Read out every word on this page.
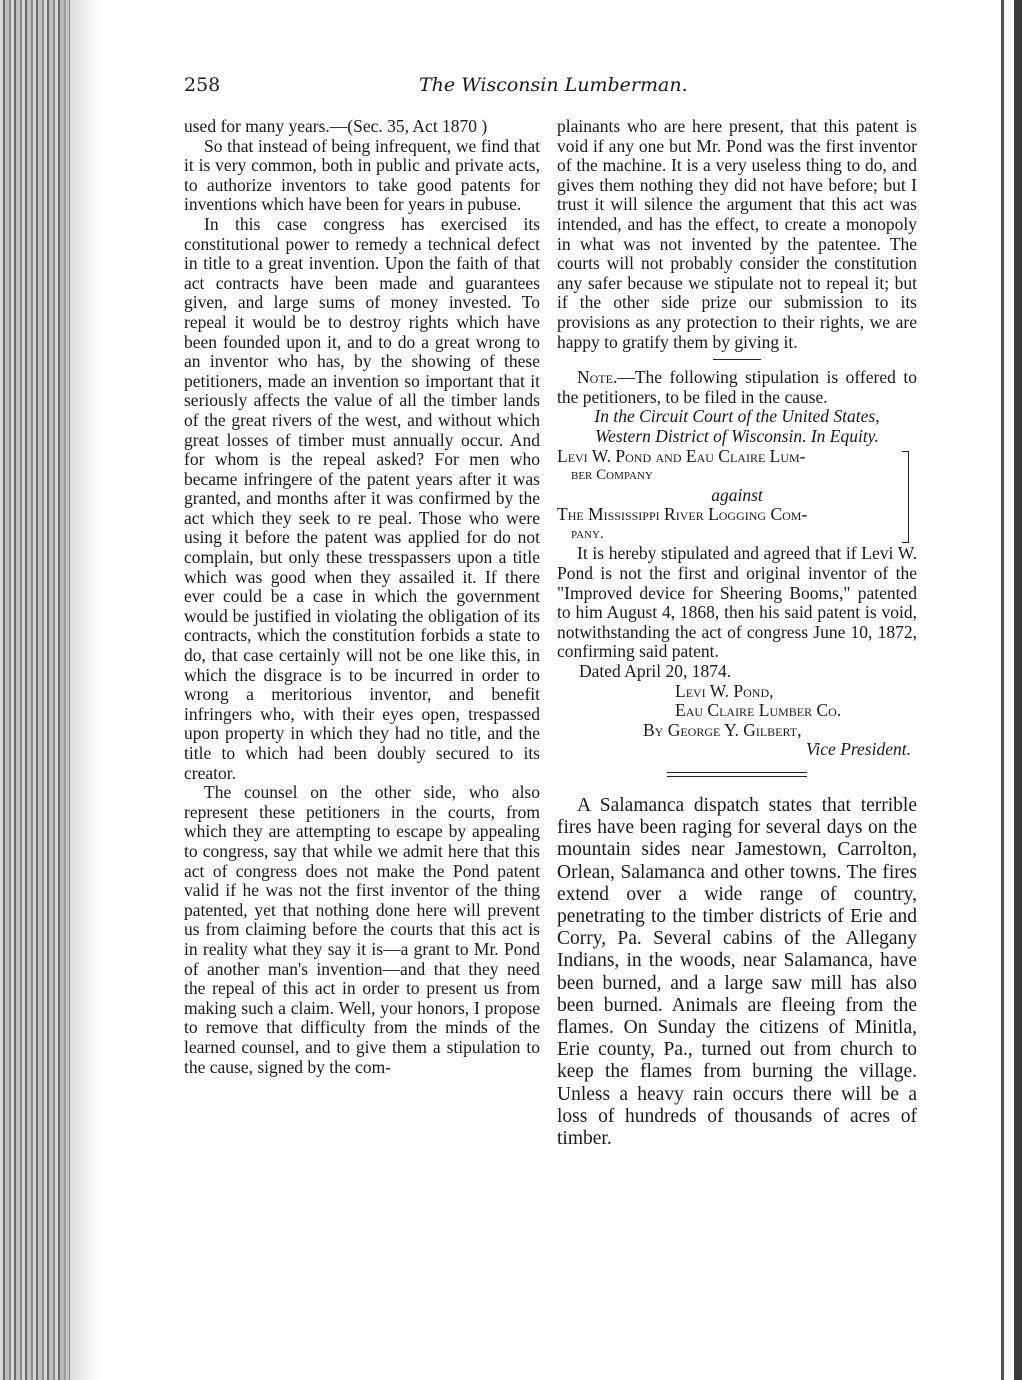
258	The Wisconsin Lumberman.

used for many years.—(Sec. 35, Act 1870 )

So that instead of being infrequent, we find that it is very common, both in public and private acts, to authorize inventors to take good patents for inventions which have been for years in pubuse.

In this case congress has exercised its constitutional power to remedy a technical defect in title to a great invention. Upon the faith of that act contracts have been made and guarantees given, and large sums of money invested. To repeal it would be to destroy rights which have been founded upon it, and to do a great wrong to an inventor who has, by the showing of these petitioners, made an invention so important that it seriously affects the value of all the timber lands of the great rivers of the west, and without which great losses of timber must annually occur. And for whom is the repeal asked? For men who became infringere of the patent years after it was granted, and months after it was confirmed by the act which they seek to re peal. Those who were using it before the patent was applied for do not complain, but only these tresspassers upon a title which was good when they assailed it. If there ever could be a case in which the government would be justified in violating the obligation of its contracts, which the constitution forbids a state to do, that case certainly will not be one like this, in which the disgrace is to be incurred in order to wrong a meritorious inventor, and benefit infringers who, with their eyes open, trespassed upon property in which they had no title, and the title to which had been doubly secured to its creator.

The counsel on the other side, who also represent these petitioners in the courts, from which they are attempting to escape by appealing to congress, say that while we admit here that this act of congress does not make the Pond patent valid if he was not the first inventor of the thing patented, yet that nothing done here will prevent us from claiming before the courts that this act is in reality what they say it is—a grant to Mr. Pond of another man's invention—and that they need the repeal of this act in order to present us from making such a claim. Well, your honors, I propose to remove that difficulty from the minds of the learned counsel, and to give them a stipulation to the cause, signed by the com-

plainants who are here present, that this patent is void if any one but Mr. Pond was the first inventor of the machine. It is a very useless thing to do, and gives them nothing they did not have before; but I trust it will silence the argument that this act was intended, and has the effect, to create a monopoly in what was not invented by the patentee. The courts will not probably consider the constitution any safer because we stipulate not to repeal it; but if the other side prize our submission to its provisions as any protection to their rights, we are happy to gratify them by giving it.

Note.—The following stipulation is offered to the petitioners, to be filed in the cause.

In the Circuit Court of the United States,

Western District of Wisconsin. In Equity.

Levi W. Pond and Eau Claire Lum-

ber Company

against

The Mississippi River Logging Com-

pany.

It is hereby stipulated and agreed that if Levi W. Pond is not the first and original inventor of the "Improved device for Sheering Booms," patented to him August 4, 1868, then his said patent is void, notwithstanding the act of congress June 10, 1872, confirming said patent.

Dated April 20, 1874.

Levi W. Pond,

Eau Claire Lumber Co.

By George Y. Gilbert,

Vice President.

A Salamanca dispatch states that terrible fires have been raging for several days on the mountain sides near Jamestown, Carrolton, Orlean, Salamanca and other towns. The fires extend over a wide range of country, penetrating to the timber districts of Erie and Corry, Pa. Several cabins of the Allegany Indians, in the woods, near Salamanca, have been burned, and a large saw mill has also been burned. Animals are fleeing from the flames. On Sunday the citizens of Minitla, Erie county, Pa., turned out from church to keep the flames from burning the village. Unless a heavy rain occurs there will be a loss of hundreds of thousands of acres of timber.
